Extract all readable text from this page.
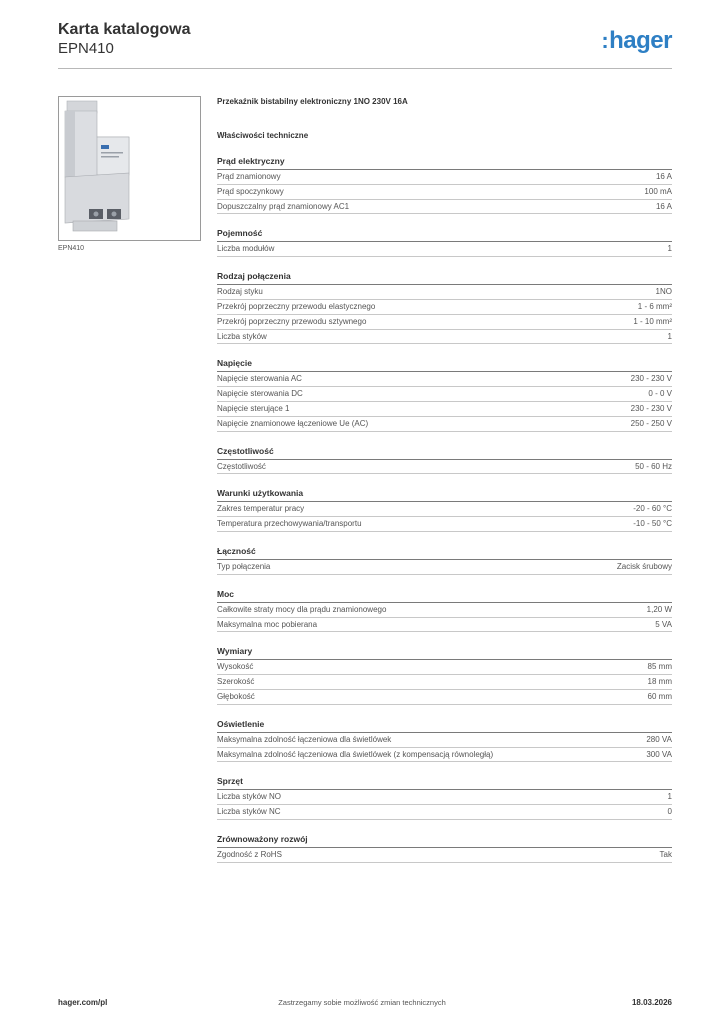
Karta katalogowa
EPN410	:hager
EPN410
Przekaźnik bistabilny elektroniczny 1NO 230V 16A
Właściwości techniczne
Prąd elektryczny
Prąd znamionowy	16 A
Prąd spoczynkowy	100 mA
Dopuszczalny prąd znamionowy AC1	16 A
Pojemność
Liczba modułów	1
Rodzaj połączenia
Rodzaj styku	1NO
Przekrój poprzeczny przewodu elastycznego	1 - 6 mm²
Przekrój poprzeczny przewodu sztywnego	1 - 10 mm²
Liczba styków	1
Napięcie
Napięcie sterowania AC	230 - 230 V
Napięcie sterowania DC	0 - 0 V
Napięcie sterujące 1	230 - 230 V
Napięcie znamionowe łączeniowe Ue (AC)	250 - 250 V
Częstotliwość
Częstotliwość	50 - 60 Hz
Warunki użytkowania
Zakres temperatur pracy	-20 - 60 °C
Temperatura przechowywania/transportu	-10 - 50 °C
Łączność
Typ połączenia	Zacisk śrubowy
Moc
Całkowite straty mocy dla prądu znamionowego	1,20 W
Maksymalna moc pobierana	5 VA
Wymiary
Wysokość	85 mm
Szerokość	18 mm
Głębokość	60 mm
Oświetlenie
Maksymalna zdolność łączeniowa dla świetlówek	280 VA
Maksymalna zdolność łączeniowa dla świetlówek (z kompensacją równoległą)	300 VA
Sprzęt
Liczba styków NO	1
Liczba styków NC	0
Zrównoważony rozwój
Zgodność z RoHS	Tak
hager.com/pl	Zastrzegamy sobie możliwość zmian technicznych	18.03.2026
